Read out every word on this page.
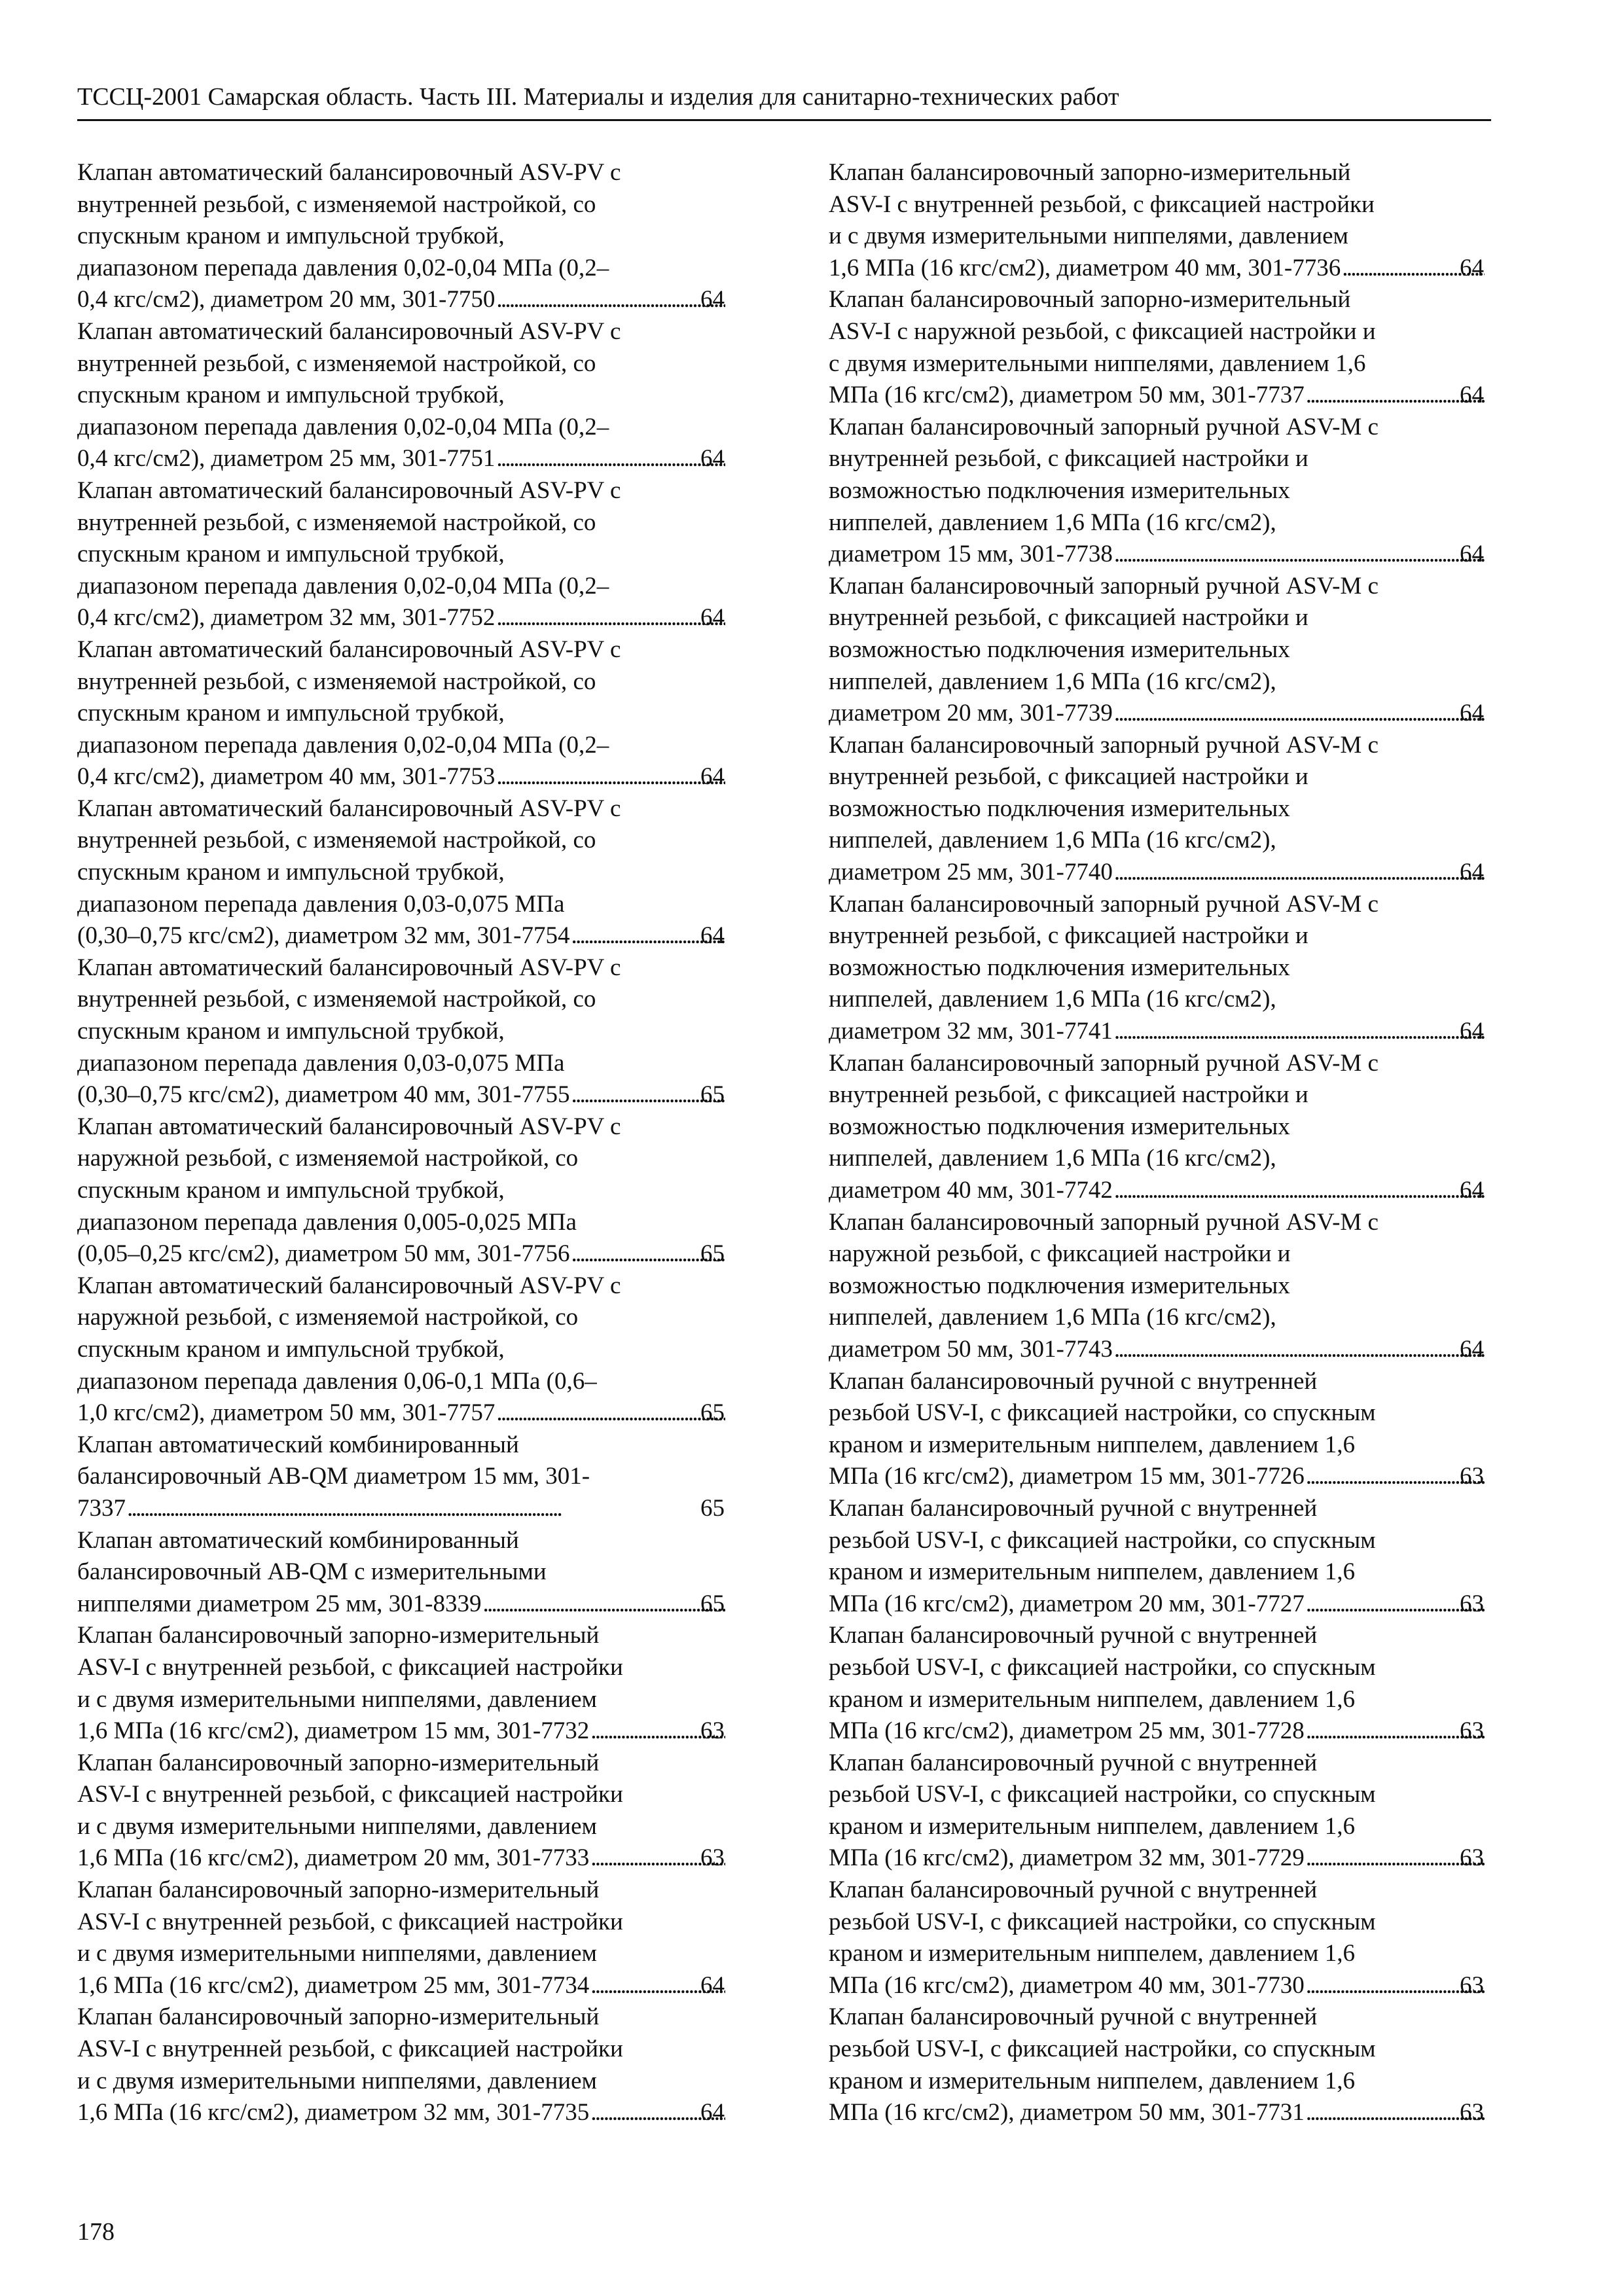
ТССЦ-2001 Самарская область. Часть III. Материалы и изделия для санитарно-технических работ
Клапан автоматический балансировочный ASV-PV с
внутренней резьбой, с изменяемой настройкой, со
спускным краном и импульсной трубкой,
диапазоном перепада давления 0,02-0,04 МПа (0,2–
0,4 кгс/см2), диаметром 20 мм, 301-7750 . . .	64
Клапан автоматический балансировочный ASV-PV с
внутренней резьбой, с изменяемой настройкой, со
спускным краном и импульсной трубкой,
диапазоном перепада давления 0,02-0,04 МПа (0,2–
0,4 кгс/см2), диаметром 25 мм, 301-7751 . . .	64
Клапан автоматический балансировочный ASV-PV с
внутренней резьбой, с изменяемой настройкой, со
спускным краном и импульсной трубкой,
диапазоном перепада давления 0,02-0,04 МПа (0,2–
0,4 кгс/см2), диаметром 32 мм, 301-7752 . . .	64
Клапан автоматический балансировочный ASV-PV с
внутренней резьбой, с изменяемой настройкой, со
спускным краном и импульсной трубкой,
диапазоном перепада давления 0,02-0,04 МПа (0,2–
0,4 кгс/см2), диаметром 40 мм, 301-7753 . . .	64
Клапан автоматический балансировочный ASV-PV с
внутренней резьбой, с изменяемой настройкой, со
спускным краном и импульсной трубкой,
диапазоном перепада давления 0,03-0,075 МПа
(0,30–0,75 кгс/см2), диаметром 32 мм, 301-7754 . . .	64
Клапан автоматический балансировочный ASV-PV с
внутренней резьбой, с изменяемой настройкой, со
спускным краном и импульсной трубкой,
диапазоном перепада давления 0,03-0,075 МПа
(0,30–0,75 кгс/см2), диаметром 40 мм, 301-7755 . . .	65
Клапан автоматический балансировочный ASV-PV с
наружной резьбой, с изменяемой настройкой, со
спускным краном и импульсной трубкой,
диапазоном перепада давления 0,005-0,025 МПа
(0,05–0,25 кгс/см2), диаметром 50 мм, 301-7756 . . .	65
Клапан автоматический балансировочный ASV-PV с
наружной резьбой, с изменяемой настройкой, со
спускным краном и импульсной трубкой,
диапазоном перепада давления 0,06-0,1 МПа (0,6–
1,0 кгс/см2), диаметром 50 мм, 301-7757 . . .	65
Клапан автоматический комбинированный
балансировочный AB-QM диаметром 15 мм, 301-
7337 . . .	65
Клапан автоматический комбинированный
балансировочный AB-QM с измерительными
ниппелями диаметром 25 мм, 301-8339 . . .	65
Клапан балансировочный запорно-измерительный
ASV-I с внутренней резьбой, с фиксацией настройки
и с двумя измерительными ниппелями, давлением
1,6 МПа (16 кгс/см2), диаметром 15 мм, 301-7732 . . .	63
Клапан балансировочный запорно-измерительный
ASV-I с внутренней резьбой, с фиксацией настройки
и с двумя измерительными ниппелями, давлением
1,6 МПа (16 кгс/см2), диаметром 20 мм, 301-7733 . . .	63
Клапан балансировочный запорно-измерительный
ASV-I с внутренней резьбой, с фиксацией настройки
и с двумя измерительными ниппелями, давлением
1,6 МПа (16 кгс/см2), диаметром 25 мм, 301-7734 . . .	64
Клапан балансировочный запорно-измерительный
ASV-I с внутренней резьбой, с фиксацией настройки
и с двумя измерительными ниппелями, давлением
1,6 МПа (16 кгс/см2), диаметром 32 мм, 301-7735 . . .	64
Клапан балансировочный запорно-измерительный
ASV-I с внутренней резьбой, с фиксацией настройки
и с двумя измерительными ниппелями, давлением
1,6 МПа (16 кгс/см2), диаметром 40 мм, 301-7736 . . .	64
Клапан балансировочный запорно-измерительный
ASV-I с наружной резьбой, с фиксацией настройки и
с двумя измерительными ниппелями, давлением 1,6
МПа (16 кгс/см2), диаметром 50 мм, 301-7737 . . .	64
Клапан балансировочный запорный ручной ASV-M с
внутренней резьбой, с фиксацией настройки и
возможностью подключения измерительных
ниппелей, давлением 1,6 МПа (16 кгс/см2),
диаметром 15 мм, 301-7738 . . .	64
Клапан балансировочный запорный ручной ASV-M с
внутренней резьбой, с фиксацией настройки и
возможностью подключения измерительных
ниппелей, давлением 1,6 МПа (16 кгс/см2),
диаметром 20 мм, 301-7739 . . .	64
Клапан балансировочный запорный ручной ASV-M с
внутренней резьбой, с фиксацией настройки и
возможностью подключения измерительных
ниппелей, давлением 1,6 МПа (16 кгс/см2),
диаметром 25 мм, 301-7740 . . .	64
Клапан балансировочный запорный ручной ASV-M с
внутренней резьбой, с фиксацией настройки и
возможностью подключения измерительных
ниппелей, давлением 1,6 МПа (16 кгс/см2),
диаметром 32 мм, 301-7741 . . .	64
Клапан балансировочный запорный ручной ASV-M с
внутренней резьбой, с фиксацией настройки и
возможностью подключения измерительных
ниппелей, давлением 1,6 МПа (16 кгс/см2),
диаметром 40 мм, 301-7742 . . .	64
Клапан балансировочный запорный ручной ASV-M с
наружной резьбой, с фиксацией настройки и
возможностью подключения измерительных
ниппелей, давлением 1,6 МПа (16 кгс/см2),
диаметром 50 мм, 301-7743 . . .	64
Клапан балансировочный ручной с внутренней
резьбой USV-I, с фиксацией настройки, со спускным
краном и измерительным ниппелем, давлением 1,6
МПа (16 кгс/см2), диаметром 15 мм, 301-7726 . . .	63
Клапан балансировочный ручной с внутренней
резьбой USV-I, с фиксацией настройки, со спускным
краном и измерительным ниппелем, давлением 1,6
МПа (16 кгс/см2), диаметром 20 мм, 301-7727 . . .	63
Клапан балансировочный ручной с внутренней
резьбой USV-I, с фиксацией настройки, со спускным
краном и измерительным ниппелем, давлением 1,6
МПа (16 кгс/см2), диаметром 25 мм, 301-7728 . . .	63
Клапан балансировочный ручной с внутренней
резьбой USV-I, с фиксацией настройки, со спускным
краном и измерительным ниппелем, давлением 1,6
МПа (16 кгс/см2), диаметром 32 мм, 301-7729 . . .	63
Клапан балансировочный ручной с внутренней
резьбой USV-I, с фиксацией настройки, со спускным
краном и измерительным ниппелем, давлением 1,6
МПа (16 кгс/см2), диаметром 40 мм, 301-7730 . . .	63
Клапан балансировочный ручной с внутренней
резьбой USV-I, с фиксацией настройки, со спускным
краном и измерительным ниппелем, давлением 1,6
МПа (16 кгс/см2), диаметром 50 мм, 301-7731 . . .	63
178
